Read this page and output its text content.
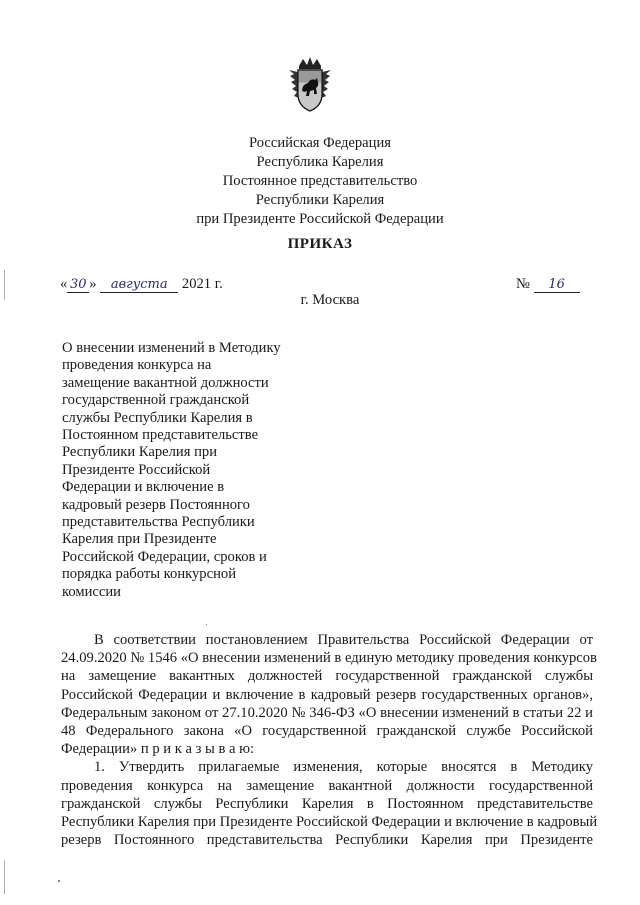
Российская Федерация
Республика Карелия
Постоянное представительство
Республики Карелия
при Президенте Российской Федерации
ПРИКАЗ
« 30 » августа 2021 г.	№ 16
г. Москва
О внесении изменений в Методику
проведения конкурса на
замещение вакантной должности
государственной гражданской
службы Республики Карелия в
Постоянном представительстве
Республики Карелия при
Президенте Российской
Федерации и включение в
кадровый резерв Постоянного
представительства Республики
Карелия при Президенте
Российской Федерации, сроков и
порядка работы конкурсной
комиссии
В соответствии постановлением Правительства Российской Федерации от
24.09.2020 № 1546 «О внесении изменений в единую методику проведения конкурсов
на замещение вакантных должностей государственной гражданской службы
Российской Федерации и включение в кадровый резерв государственных органов»,
Федеральным законом от 27.10.2020 № 346-ФЗ «О внесении изменений в статьи 22 и
48 Федерального закона «О государственной гражданской службе Российской
Федерации» п р и к а з ы в а ю:
1. Утвердить прилагаемые изменения, которые вносятся в Методику
проведения конкурса на замещение вакантной должности государственной
гражданской службы Республики Карелия в Постоянном представительстве
Республики Карелия при Президенте Российской Федерации и включение в кадровый
резерв Постоянного представительства Республики Карелия при Президенте
